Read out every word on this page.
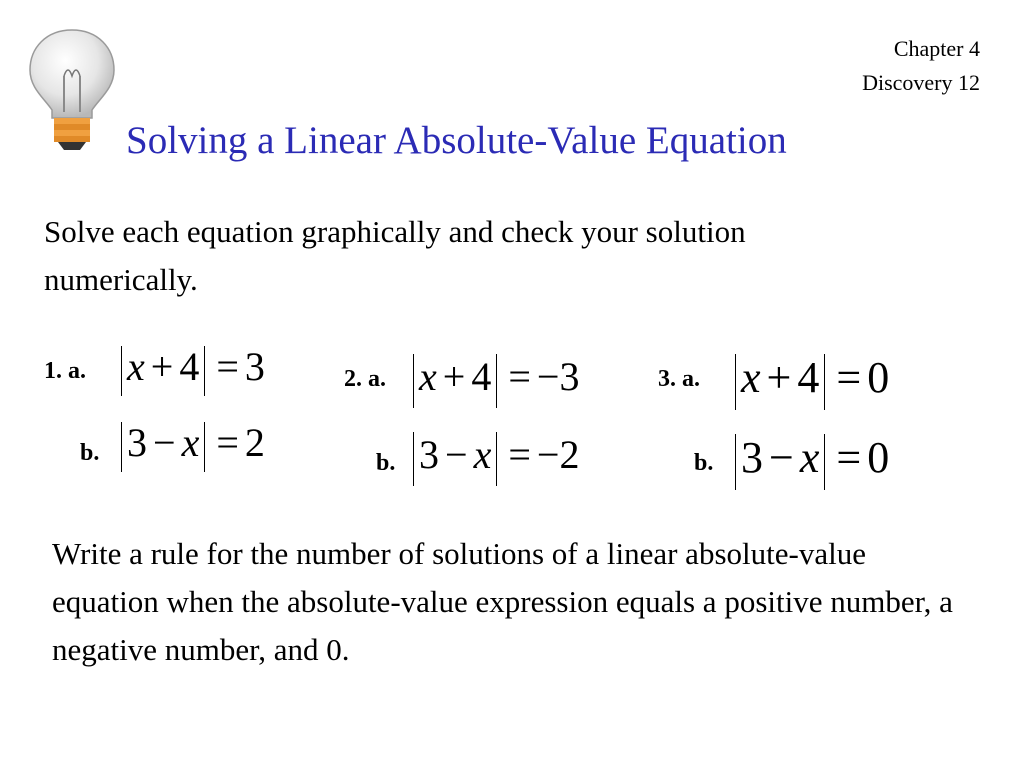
Chapter 4
Discovery 12
Solving a Linear Absolute-Value Equation
Solve each equation graphically and check your solution numerically.
1. a. x + 4 = 3
b. 3 − x = 2
2. a. x + 4 = −3
b. 3 − x = −2
3. a. x + 4 = 0
b. 3 − x = 0
Write a rule for the number of solutions of a linear absolute-value equation when the absolute-value expression equals a positive number, a negative number, and 0.
